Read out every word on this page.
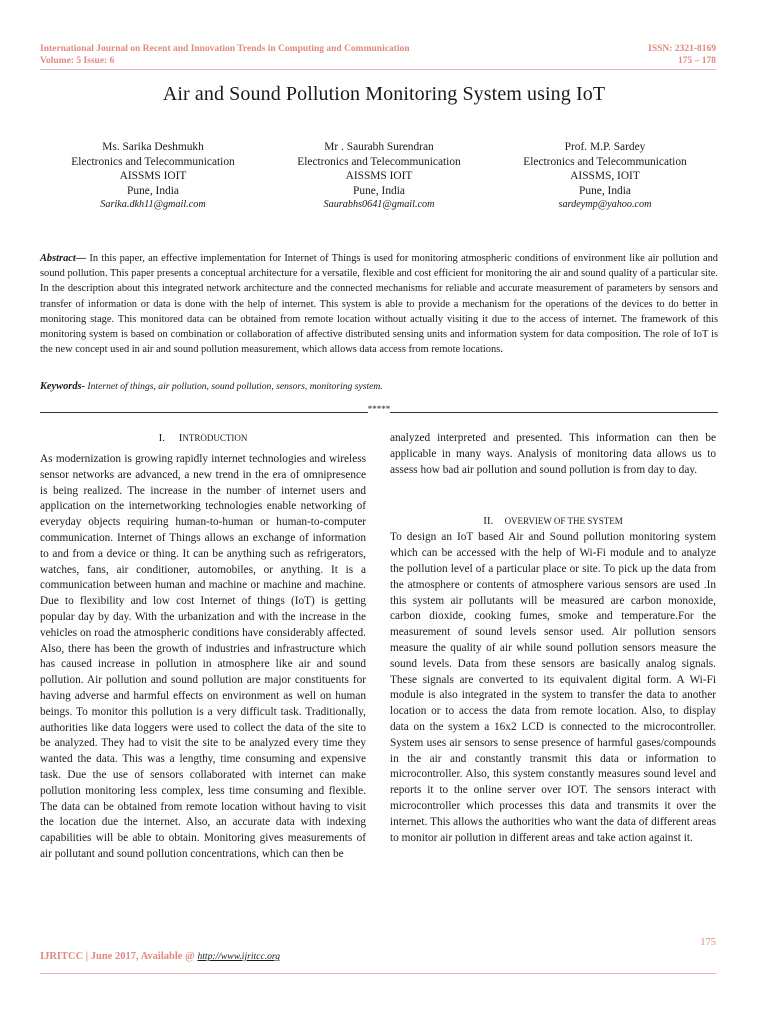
International Journal on Recent and Innovation Trends in Computing and Communication
Volume: 5 Issue: 6
ISSN: 2321-8169
175 – 178
Air and Sound Pollution Monitoring System using IoT
Ms. Sarika Deshmukh
Electronics and Telecommunication
AISSMS IOIT
Pune, India
Sarika.dkh11@gmail.com
Mr . Saurabh Surendran
Electronics and Telecommunication
AISSMS IOIT
Pune, India
Saurabhs0641@gmail.com
Prof. M.P. Sardey
Electronics and Telecommunication
AISSMS, IOIT
Pune, India
sardeymp@yahoo.com
Abstract— In this paper, an effective implementation for Internet of Things is used for monitoring atmospheric conditions of environment like air pollution and sound pollution. This paper presents a conceptual architecture for a versatile, flexible and cost efficient for monitoring the air and sound quality of a particular site. In the description about this integrated network architecture and the connected mechanisms for reliable and accurate measurement of parameters by sensors and transfer of information or data is done with the help of internet. This system is able to provide a mechanism for the operations of the devices to do better in monitoring stage. This monitored data can be obtained from remote location without actually visiting it due to the access of internet. The framework of this monitoring system is based on combination or collaboration of affective distributed sensing units and information system for data composition. The role of IoT is the new concept used in air and sound pollution measurement, which allows data access from remote locations.
Keywords- Internet of things, air pollution, sound pollution, sensors, monitoring system.
*****
I. INTRODUCTION

As modernization is growing rapidly internet technologies and wireless sensor networks are advanced, a new trend in the era of omnipresence is being realized. The increase in the number of internet users and application on the internetworking technologies enable networking of everyday objects requiring human-to-human or human-to-computer communication. Internet of Things allows an exchange of information to and from a device or thing. It can be anything such as refrigerators, watches, fans, air conditioner, automobiles, or anything. It is a communication between human and machine or machine and machine. Due to flexibility and low cost Internet of things (IoT) is getting popular day by day. With the urbanization and with the increase in the vehicles on road the atmospheric conditions have considerably affected. Also, there has been the growth of industries and infrastructure which has caused increase in pollution in atmosphere like air and sound pollution. Air pollution and sound pollution are major constituents for having adverse and harmful effects on environment as well on human beings. To monitor this pollution is a very difficult task. Traditionally, authorities like data loggers were used to collect the data of the site to be analyzed. They had to visit the site to be analyzed every time they wanted the data. This was a lengthy, time consuming and expensive task. Due the use of sensors collaborated with internet can make pollution monitoring less complex, less time consuming and flexible. The data can be obtained from remote location without having to visit the location due the internet. Also, an accurate data with indexing capabilities will be able to obtain. Monitoring gives measurements of air pollutant and sound pollution concentrations, which can then be

analyzed interpreted and presented. This information can then be applicable in many ways. Analysis of monitoring data allows us to assess how bad air pollution and sound pollution is from day to day.

To design an IoT based Air and Sound pollution monitoring system which can be accessed with the help of Wi-Fi module and to analyze the pollution level of a particular place or site. To pick up the data from the atmosphere or contents of atmosphere various sensors are used .In this system air pollutants will be measured are carbon monoxide, carbon dioxide, cooking fumes, smoke and temperature.For the measurement of sound levels sensor used. Air pollution sensors measure the quality of air while sound pollution sensors measure the sound levels. Data from these sensors are basically analog signals. These signals are converted to its equivalent digital form. A Wi-Fi module is also integrated in the system to transfer the data to another location or to access the data from remote location. Also, to display data on the system a 16x2 LCD is connected to the microcontroller. System uses air sensors to sense presence of harmful gases/compounds in the air and constantly transmit this data or information to microcontroller. Also, this system constantly measures sound level and reports it to the online server over IOT. The sensors interact with microcontroller which processes this data and transmits it over the internet. This allows the authorities who want the data of different areas to monitor air pollution in different areas and take action against it.

II. OVERVIEW OF THE SYSTEM
175
IJRITCC | June 2017, Available @ http://www.ijritcc.org
